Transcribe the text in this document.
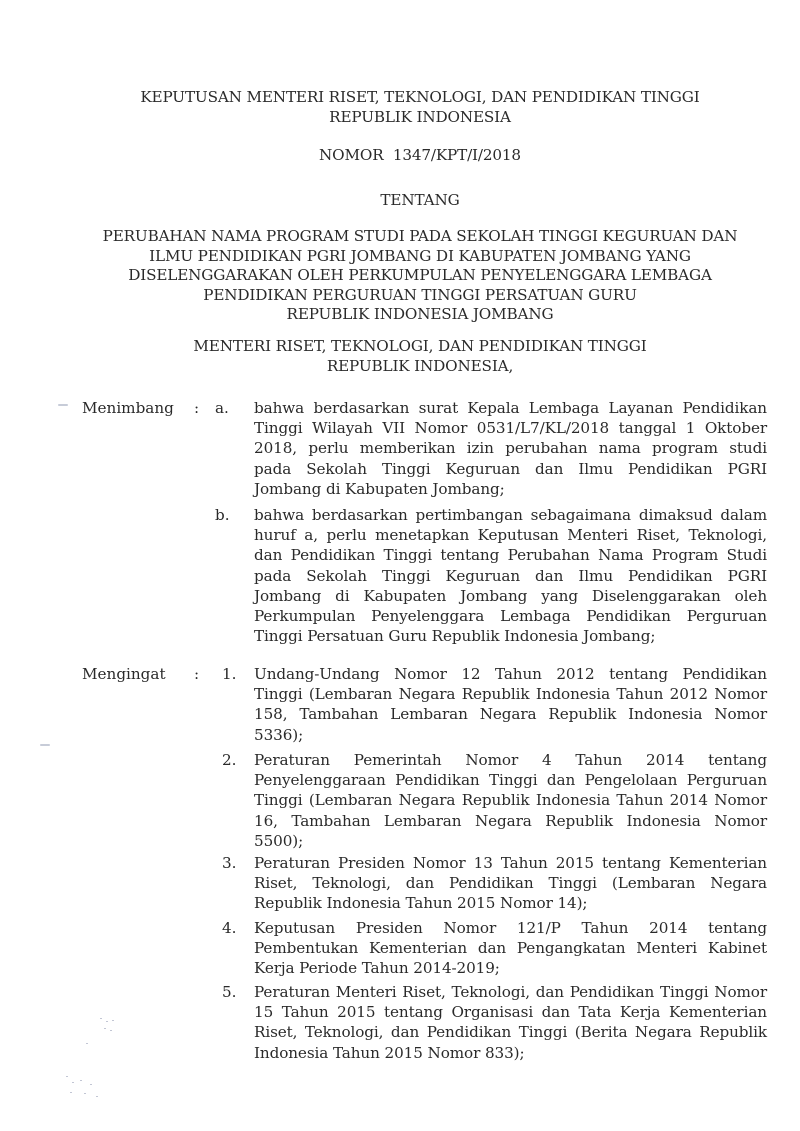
KEPUTUSAN MENTERI RISET, TEKNOLOGI, DAN PENDIDIKAN TINGGI
REPUBLIK INDONESIA
NOMOR  1347/KPT/I/2018
TENTANG
PERUBAHAN NAMA PROGRAM STUDI PADA SEKOLAH TINGGI KEGURUAN DAN
ILMU PENDIDIKAN PGRI JOMBANG DI KABUPATEN JOMBANG YANG
DISELENGGARAKAN OLEH PERKUMPULAN PENYELENGGARA LEMBAGA
PENDIDIKAN PERGURUAN TINGGI PERSATUAN GURU
REPUBLIK INDONESIA JOMBANG
MENTERI RISET, TEKNOLOGI, DAN PENDIDIKAN TINGGI
REPUBLIK INDONESIA,
Menimbang : a. bahwa berdasarkan surat Kepala Lembaga Layanan Pendidikan
Tinggi Wilayah VII Nomor 0531/L7/KL/2018 tanggal 1 Oktober
2018, perlu memberikan izin perubahan nama program studi
pada Sekolah Tinggi Keguruan dan Ilmu Pendidikan PGRI
Jombang di Kabupaten Jombang;
b. bahwa berdasarkan pertimbangan sebagaimana dimaksud dalam
huruf a, perlu menetapkan Keputusan Menteri Riset, Teknologi,
dan Pendidikan Tinggi tentang Perubahan Nama Program Studi
pada Sekolah Tinggi Keguruan dan Ilmu Pendidikan PGRI
Jombang di Kabupaten Jombang yang Diselenggarakan oleh
Perkumpulan Penyelenggara Lembaga Pendidikan Perguruan
Tinggi Persatuan Guru Republik Indonesia Jombang;
Mengingat : 1. Undang-Undang Nomor 12 Tahun 2012 tentang Pendidikan
Tinggi (Lembaran Negara Republik Indonesia Tahun 2012 Nomor
158, Tambahan Lembaran Negara Republik Indonesia Nomor
5336);
2. Peraturan Pemerintah Nomor 4 Tahun 2014 tentang
Penyelenggaraan Pendidikan Tinggi dan Pengelolaan Perguruan
Tinggi (Lembaran Negara Republik Indonesia Tahun 2014 Nomor
16, Tambahan Lembaran Negara Republik Indonesia Nomor
5500);
3. Peraturan Presiden Nomor 13 Tahun 2015 tentang Kementerian
Riset, Teknologi, dan Pendidikan Tinggi (Lembaran Negara
Republik Indonesia Tahun 2015 Nomor 14);
4. Keputusan Presiden Nomor 121/P Tahun 2014 tentang
Pembentukan Kementerian dan Pengangkatan Menteri Kabinet
Kerja Periode Tahun 2014-2019;
5. Peraturan Menteri Riset, Teknologi, dan Pendidikan Tinggi Nomor
15 Tahun 2015 tentang Organisasi dan Tata Kerja Kementerian
Riset, Teknologi, dan Pendidikan Tinggi (Berita Negara Republik
Indonesia Tahun 2015 Nomor 833);
